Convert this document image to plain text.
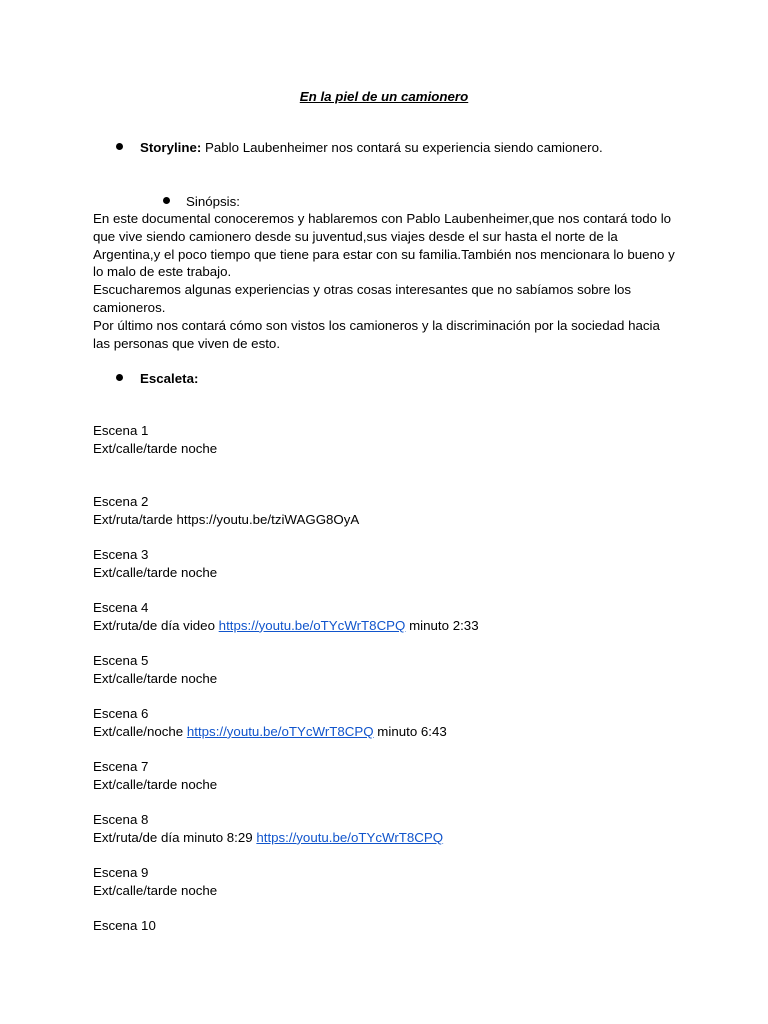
En la piel de un camionero
Storyline: Pablo Laubenheimer nos contará su experiencia siendo camionero.
Sinópsis:

En este documental conoceremos y hablaremos con Pablo Laubenheimer,que nos contará todo lo que vive siendo camionero desde su juventud,sus viajes desde el sur hasta el norte de la Argentina,y el poco tiempo que tiene para estar con su familia.También nos mencionara lo bueno y lo malo de este trabajo.

Escucharemos algunas experiencias y otras cosas interesantes que no sabíamos sobre los camioneros.

Por último nos contará cómo son vistos los camioneros y la discriminación por la sociedad hacia las personas que viven de esto.

Escaleta:
Escena 1
Ext/calle/tarde noche
Escena 2
Ext/ruta/tarde https://youtu.be/tziWAGG8OyA
Escena 3
Ext/calle/tarde noche
Escena 4
Ext/ruta/de día video https://youtu.be/oTYcWrT8CPQ minuto 2:33
Escena 5
Ext/calle/tarde noche
Escena 6
Ext/calle/noche https://youtu.be/oTYcWrT8CPQ minuto 6:43
Escena 7
Ext/calle/tarde noche
Escena 8
Ext/ruta/de día minuto 8:29 https://youtu.be/oTYcWrT8CPQ
Escena 9
Ext/calle/tarde noche
Escena 10
